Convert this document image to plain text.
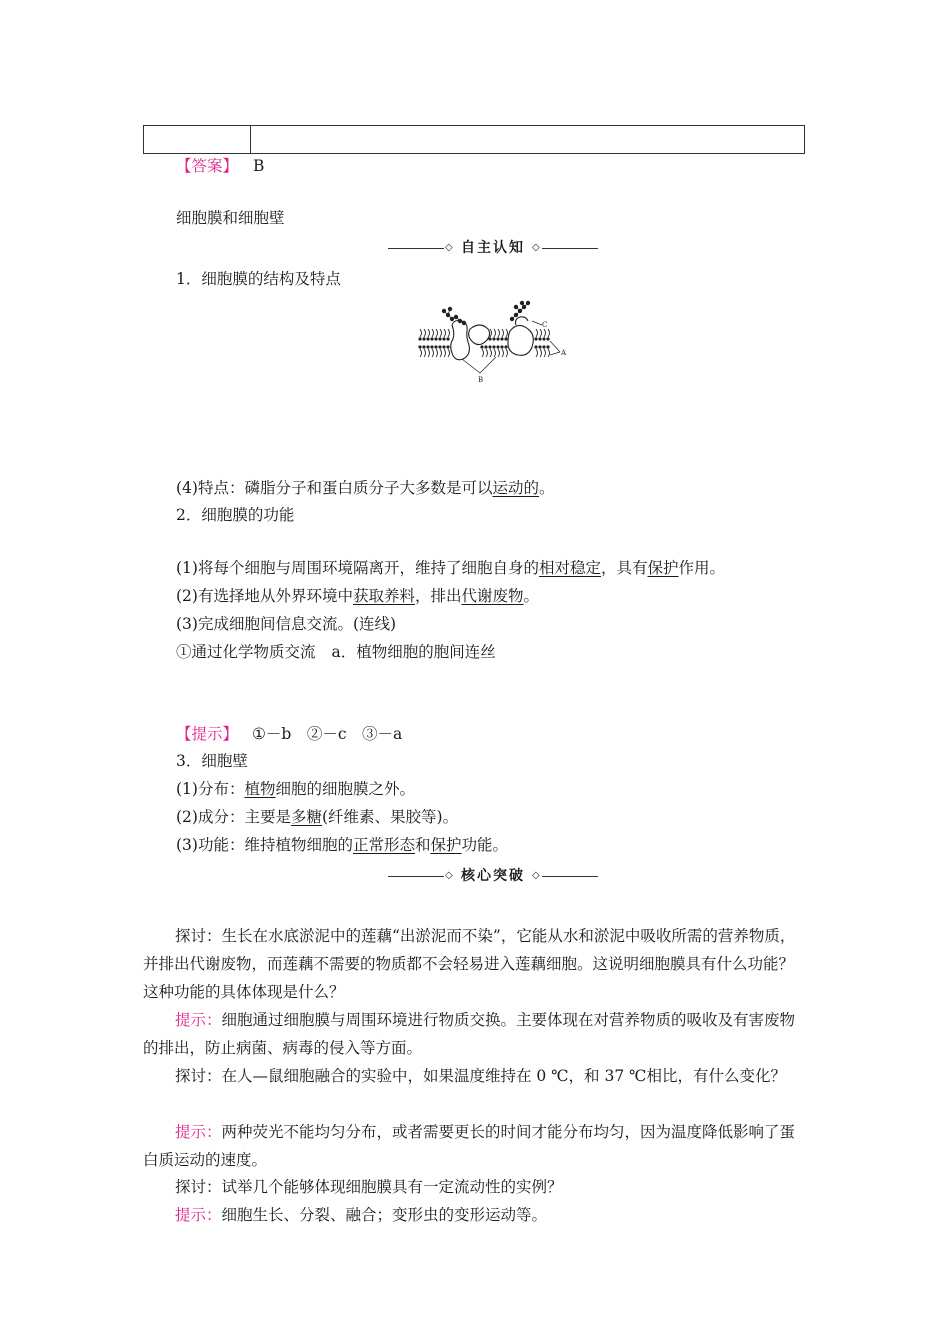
【答案】 B
细胞膜和细胞壁
◇ 自主认知 ◇
1．细胞膜的结构及特点
A
B
C
(4)特点：磷脂分子和蛋白质分子大多数是可以运动的。
2．细胞膜的功能
(1)将每个细胞与周围环境隔离开，维持了细胞自身的相对稳定，具有保护作用。
(2)有选择地从外界环境中获取养料，排出代谢废物。
(3)完成细胞间信息交流。(连线)
①通过化学物质交流 a．植物细胞的胞间连丝
【提示】 ①－b　②－c　③－a
3．细胞壁
(1)分布：植物细胞的细胞膜之外。
(2)成分：主要是多糖(纤维素、果胶等)。
(3)功能：维持植物细胞的正常形态和保护功能。
◇ 核心突破 ◇
探讨：生长在水底淤泥中的莲藕“出淤泥而不染”，它能从水和淤泥中吸收所需的营养物质，并排出代谢废物，而莲藕不需要的物质都不会轻易进入莲藕细胞。这说明细胞膜具有什么功能？这种功能的具体体现是什么？
提示：细胞通过细胞膜与周围环境进行物质交换。主要体现在对营养物质的吸收及有害废物的排出，防止病菌、病毒的侵入等方面。
探讨：在人—鼠细胞融合的实验中，如果温度维持在 0 ℃，和 37 ℃相比，有什么变化？
提示：两种荧光不能均匀分布，或者需要更长的时间才能分布均匀，因为温度降低影响了蛋白质运动的速度。
探讨：试举几个能够体现细胞膜具有一定流动性的实例？
提示：细胞生长、分裂、融合；变形虫的变形运动等。
